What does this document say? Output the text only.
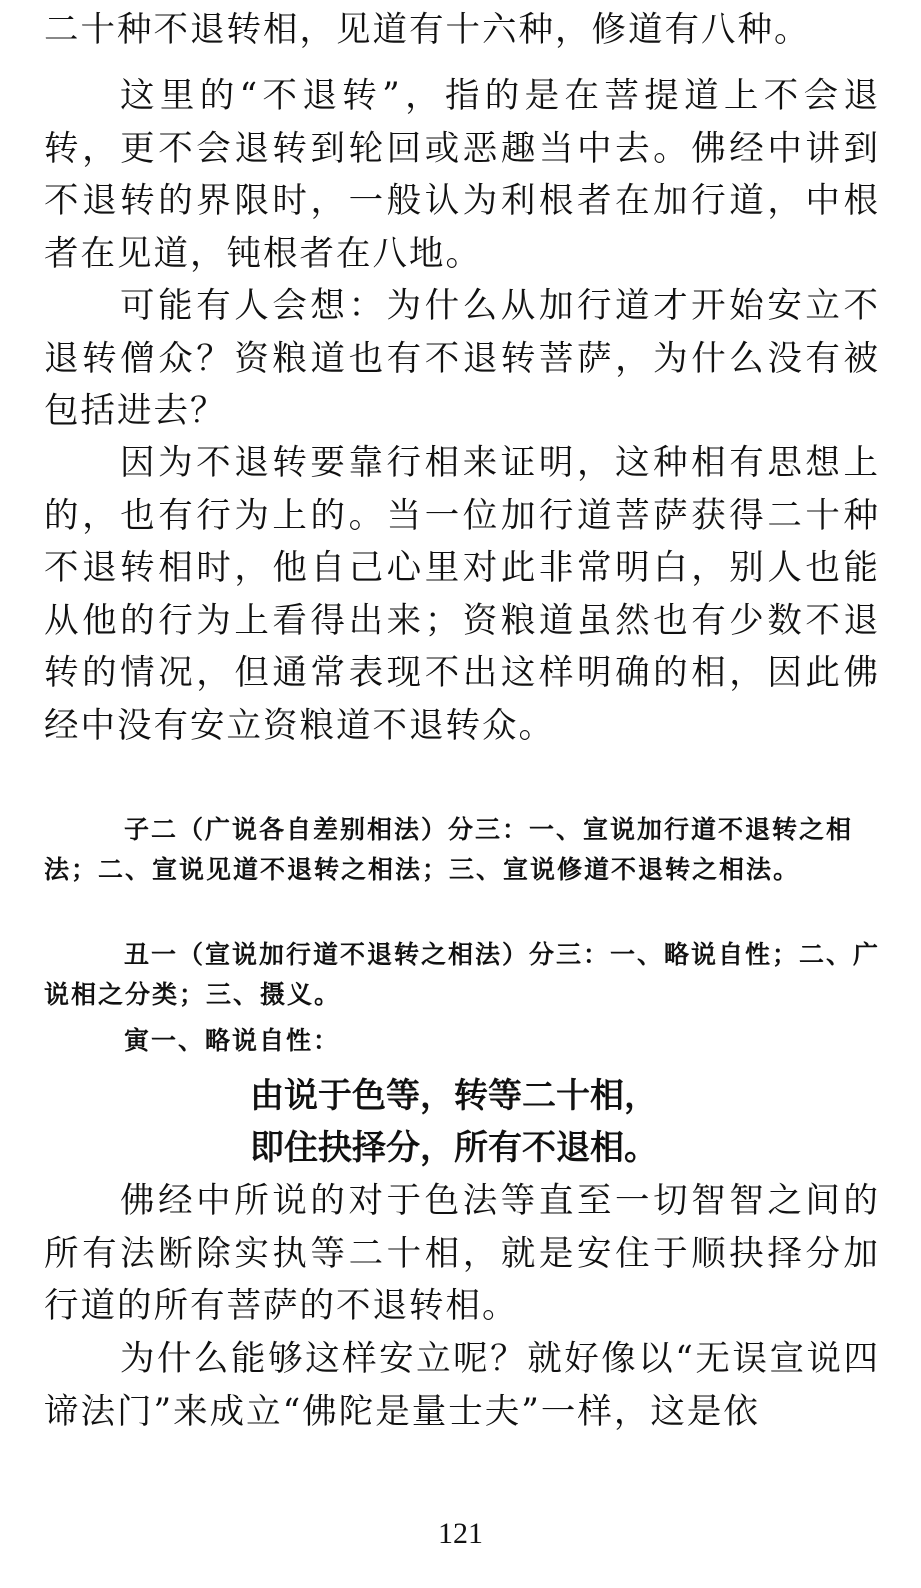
二十种不退转相，见道有十六种，修道有八种。

这里的“不退转”，指的是在菩提道上不会退转，更不会退转到轮回或恶趣当中去。佛经中讲到不退转的界限时，一般认为利根者在加行道，中根者在见道，钝根者在八地。

可能有人会想：为什么从加行道才开始安立不退转僧众？资粮道也有不退转菩萨，为什么没有被包括进去？

因为不退转要靠行相来证明，这种相有思想上的，也有行为上的。当一位加行道菩萨获得二十种不退转相时，他自己心里对此非常明白，别人也能从他的行为上看得出来；资粮道虽然也有少数不退转的情况，但通常表现不出这样明确的相，因此佛经中没有安立资粮道不退转众。

子二（广说各自差别相法）分三：一、宣说加行道不退转之相法；二、宣说见道不退转之相法；三、宣说修道不退转之相法。

丑一（宣说加行道不退转之相法）分三：一、略说自性；二、广说相之分类；三、摄义。

寅一、略说自性：

由说于色等，转等二十相，

即住抉择分，所有不退相。

佛经中所说的对于色法等直至一切智智之间的所有法断除实执等二十相，就是安住于顺抉择分加行道的所有菩萨的不退转相。

为什么能够这样安立呢？就好像以“无误宣说四谛法门”来成立“佛陀是量士夫”一样，这是依

121
